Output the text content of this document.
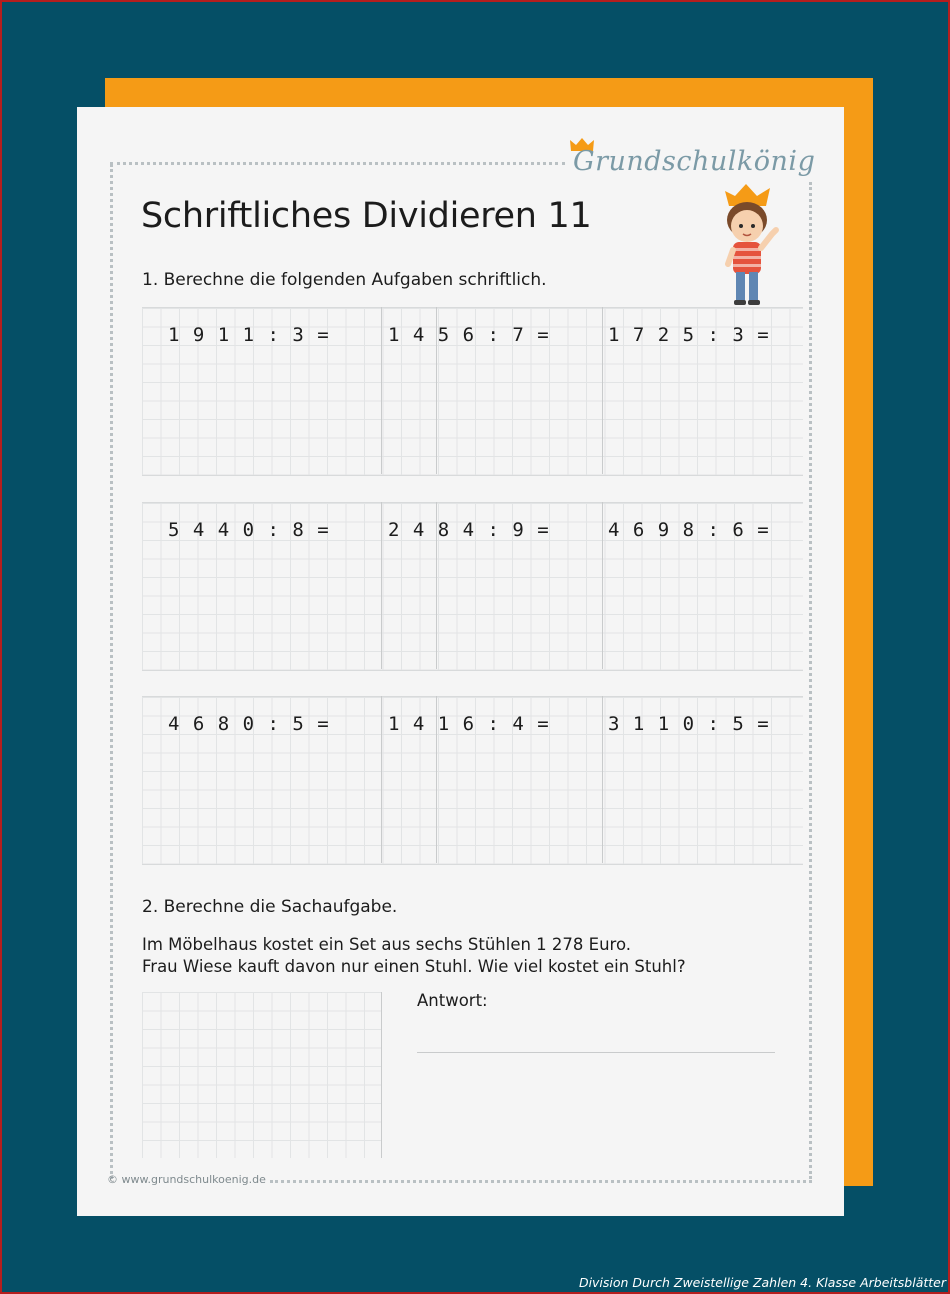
Grundschulkönig
Schriftliches Dividieren 11

1. Berechne die folgenden Aufgaben schriftlich.

1 9 1 1 : 3 =	1 4 5 6 : 7 =	1 7 2 5 : 3 =
5 4 4 0 : 8 =	2 4 8 4 : 9 =	4 6 9 8 : 6 =
4 6 8 0 : 5 =	1 4 1 6 : 4 =	3 1 1 0 : 5 =

2. Berechne die Sachaufgabe.

Im Möbelhaus kostet ein Set aus sechs Stühlen 1 278 Euro.
Frau Wiese kauft davon nur einen Stuhl. Wie viel kostet ein Stuhl?
Antwort:
© www.grundschulkoenig.de
Division Durch Zweistellige Zahlen 4. Klasse Arbeitsblätter
